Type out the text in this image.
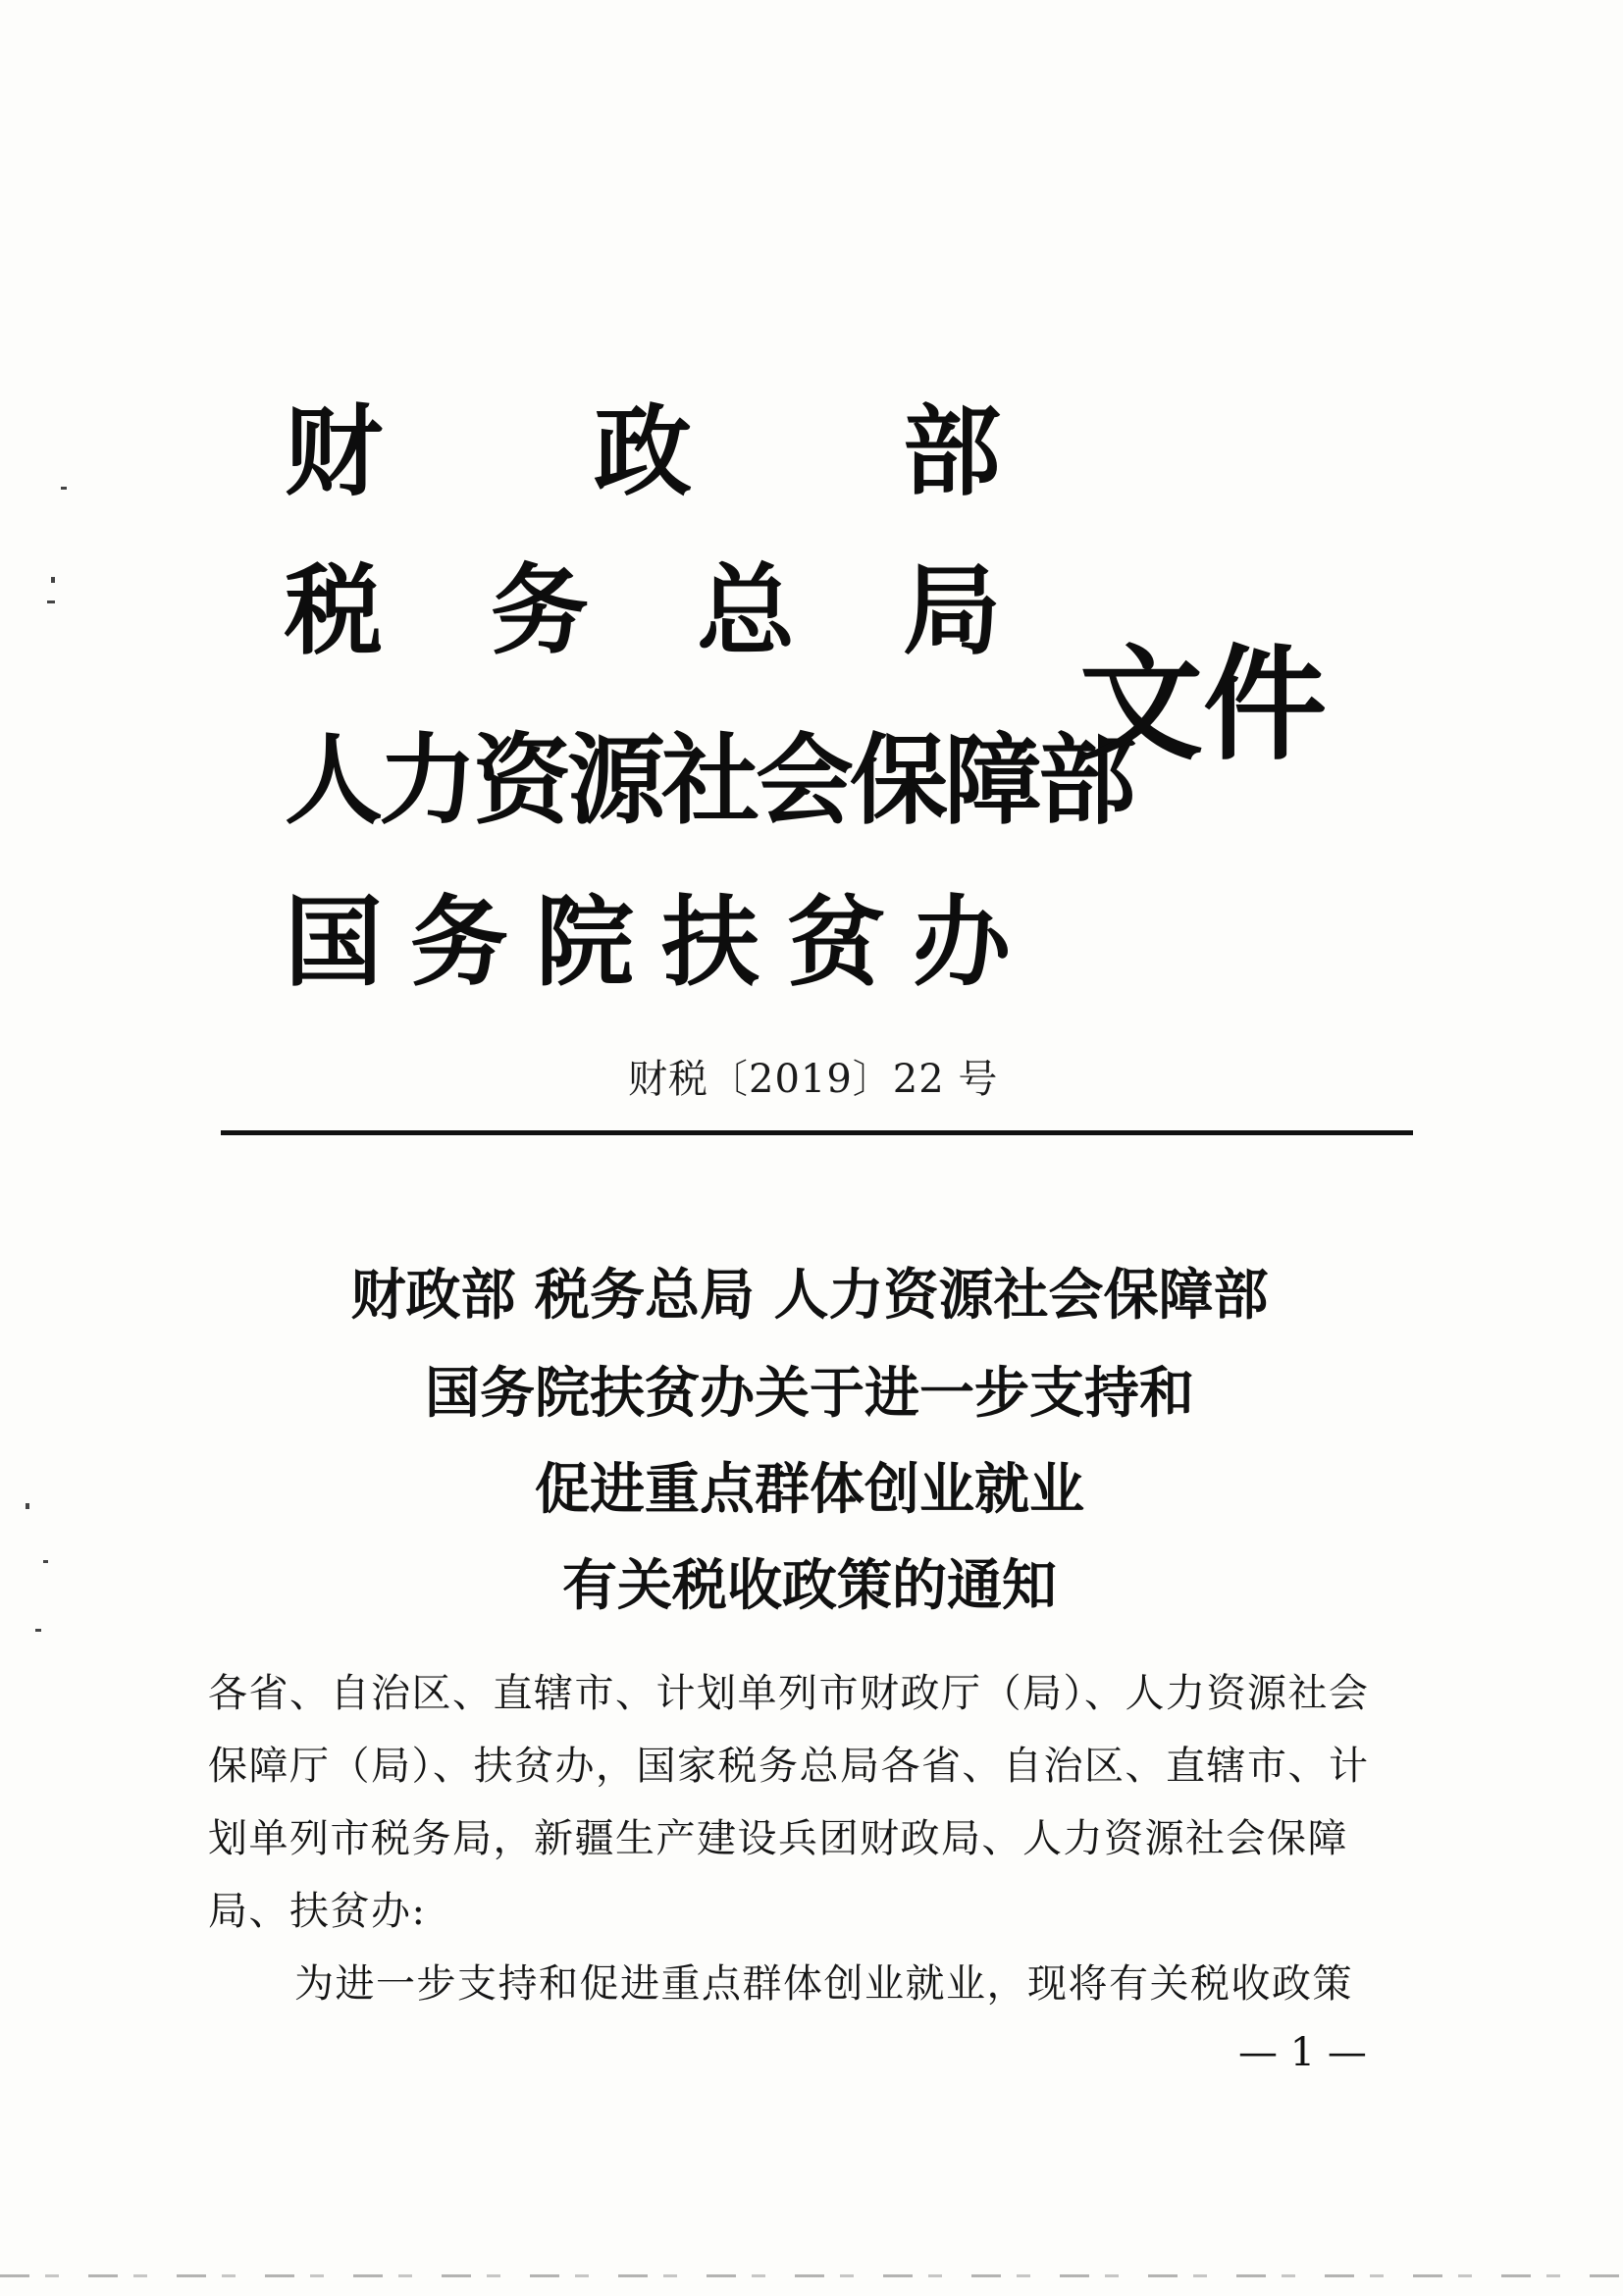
财 政 部
税 务 总 局
人力资源社会保障部
国 务 院 扶 贫 办
文件
财税〔2019〕22 号
财政部 税务总局 人力资源社会保障部
国务院扶贫办关于进一步支持和
促进重点群体创业就业
有关税收政策的通知
各省、自治区、直辖市、计划单列市财政厅（局）、人力资源社会
保障厅（局）、扶贫办，国家税务总局各省、自治区、直辖市、计
划单列市税务局，新疆生产建设兵团财政局、人力资源社会保障
局、扶贫办:
为进一步支持和促进重点群体创业就业，现将有关税收政策
— 1 —
